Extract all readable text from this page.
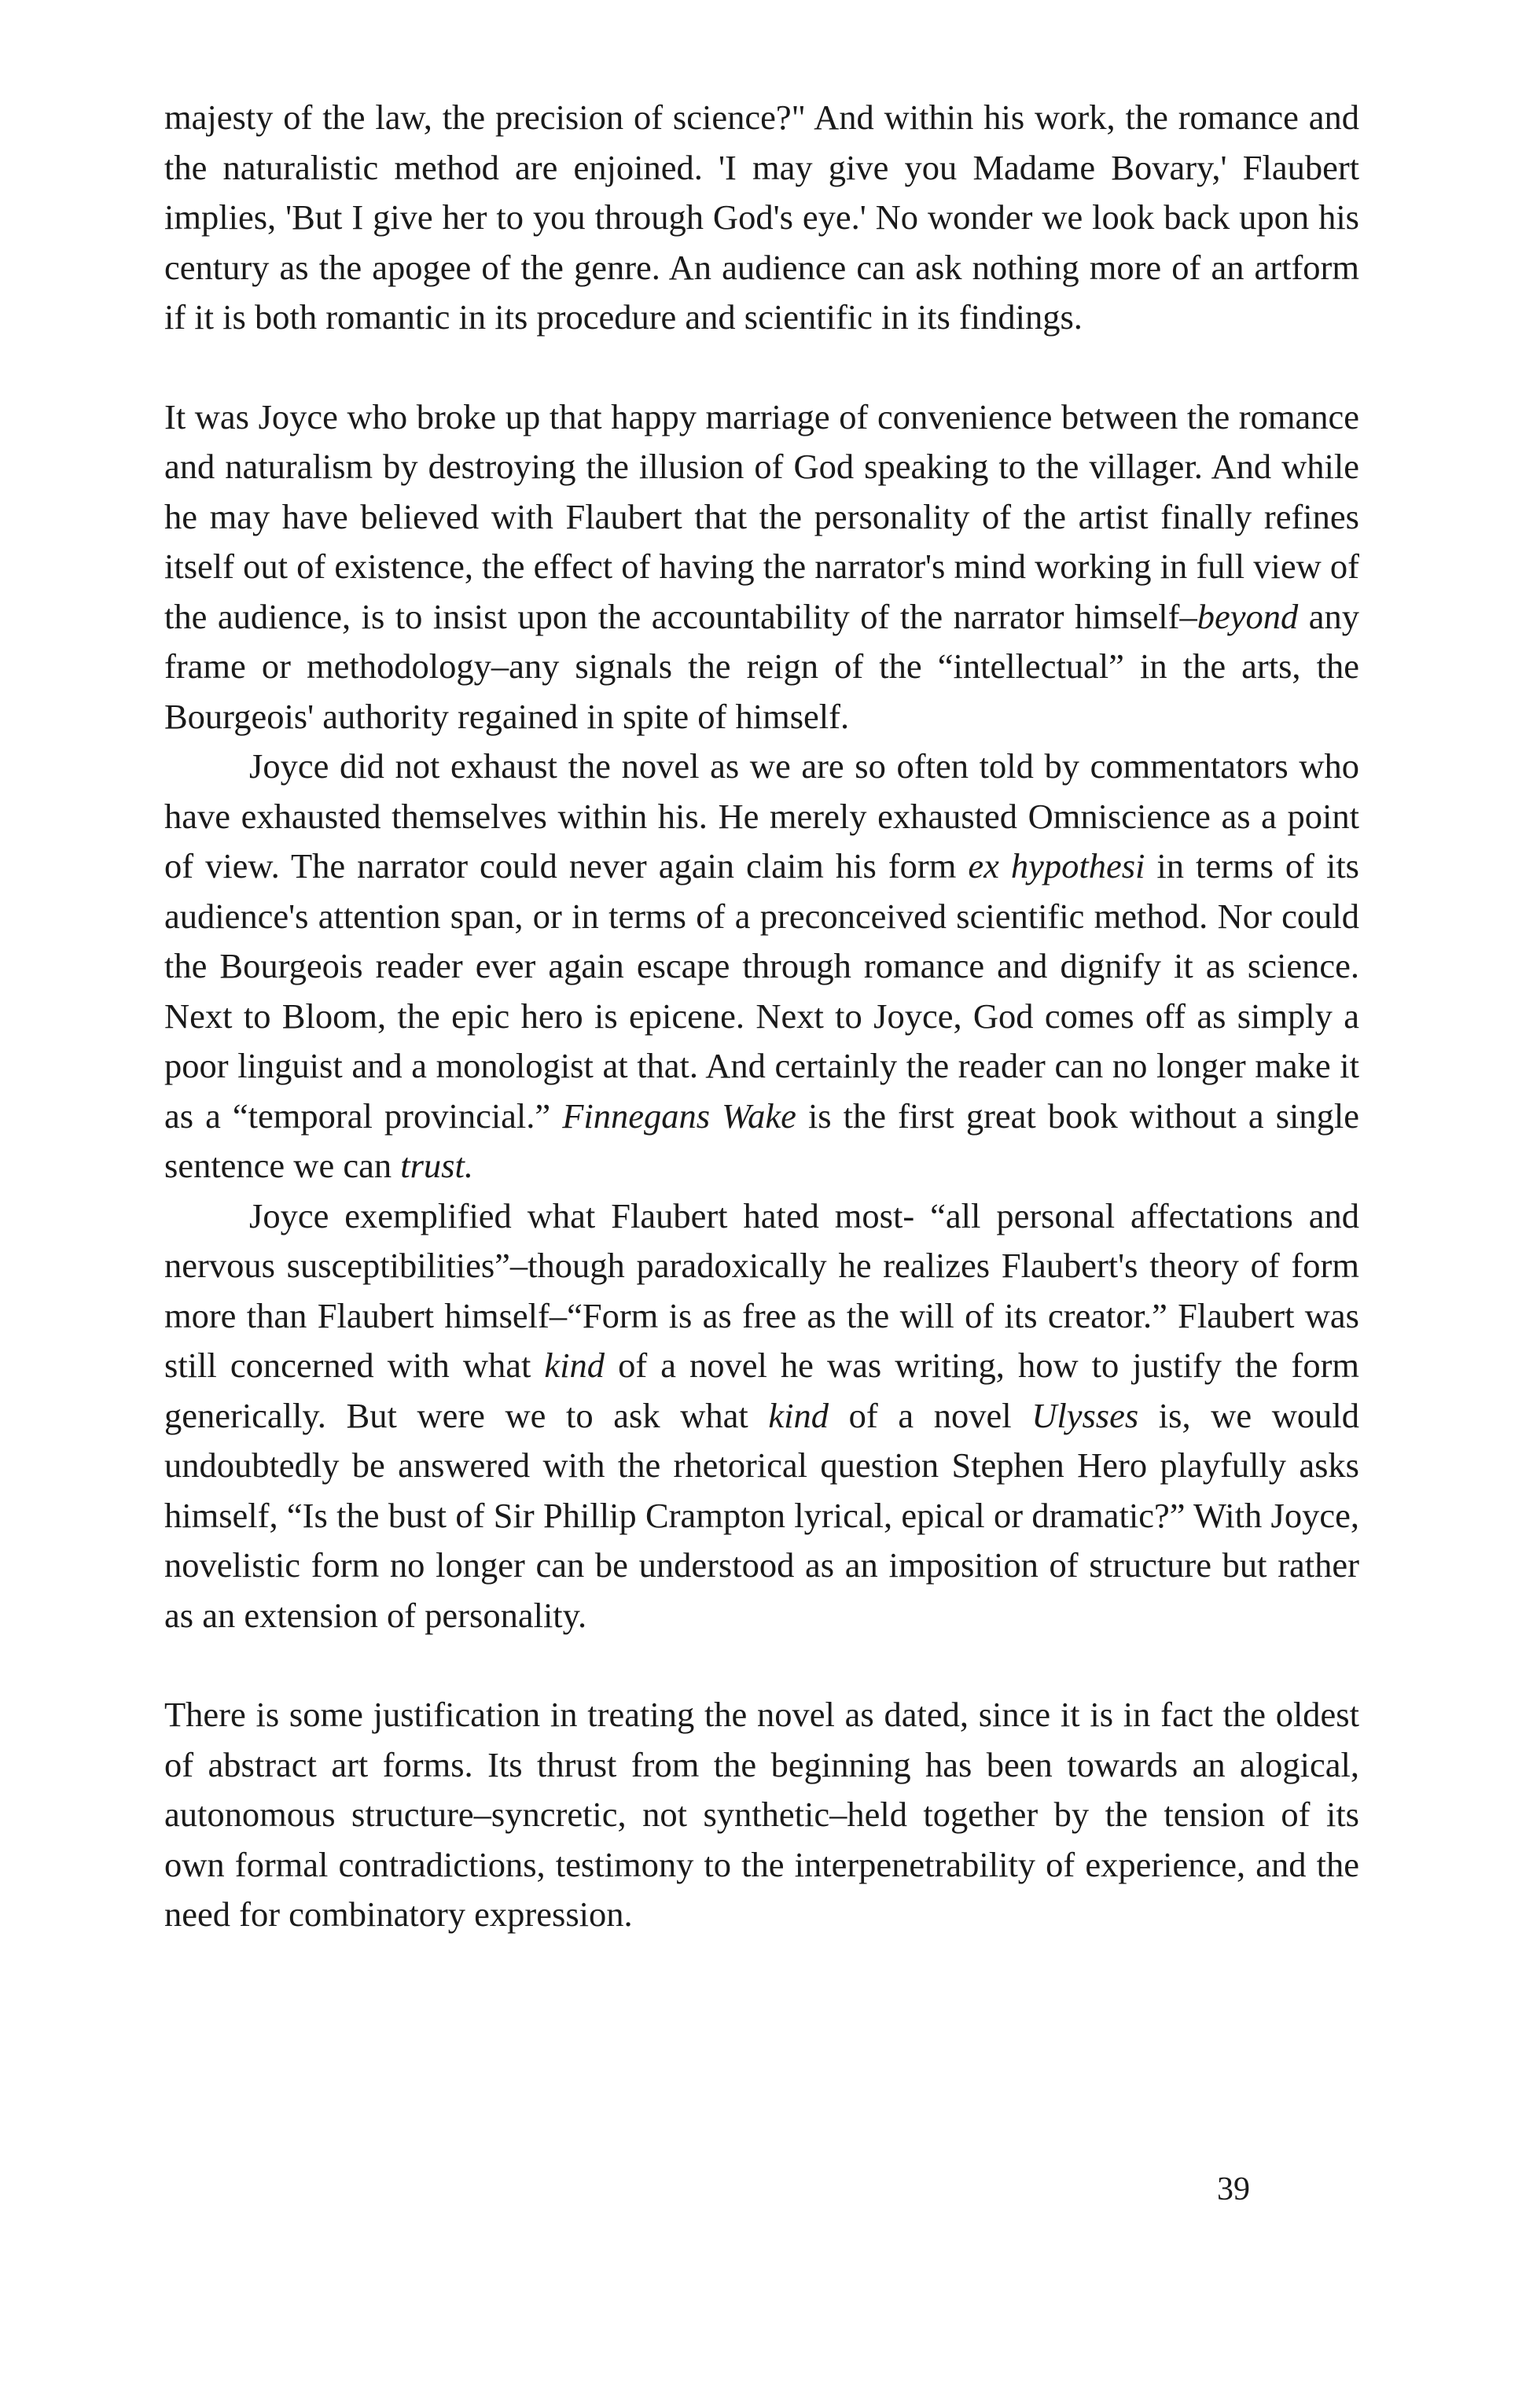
majesty of the law, the precision of science?" And within his work, the romance and the naturalistic method are enjoined. 'I may give you Madame Bovary,' Flaubert implies, 'But I give her to you through God's eye.' No wonder we look back upon his century as the apogee of the genre. An audience can ask nothing more of an artform if it is both romantic in its procedure and scientific in its findings.

It was Joyce who broke up that happy marriage of convenience between the romance and naturalism by destroying the illusion of God speaking to the villager. And while he may have believed with Flaubert that the personality of the artist finally refines itself out of existence, the effect of having the narrator's mind working in full view of the audience, is to insist upon the accountability of the narrator himself–beyond any frame or methodology–any signals the reign of the “intellectual” in the arts, the Bourgeois' authority regained in spite of himself.

Joyce did not exhaust the novel as we are so often told by commentators who have exhausted themselves within his. He merely exhausted Omniscience as a point of view. The narrator could never again claim his form ex hypothesi in terms of its audience's attention span, or in terms of a preconceived scientific method. Nor could the Bourgeois reader ever again escape through romance and dignify it as science. Next to Bloom, the epic hero is epicene. Next to Joyce, God comes off as simply a poor linguist and a monologist at that. And certainly the reader can no longer make it as a “temporal provincial.” Finnegans Wake is the first great book without a single sentence we can trust.

Joyce exemplified what Flaubert hated most- “all personal affectations and nervous susceptibilities”–though paradoxically he realizes Flaubert's theory of form more than Flaubert himself–“Form is as free as the will of its creator.” Flaubert was still concerned with what kind of a novel he was writing, how to justify the form generically. But were we to ask what kind of a novel Ulysses is, we would undoubtedly be answered with the rhetorical question Stephen Hero playfully asks himself, “Is the bust of Sir Phillip Crampton lyrical, epical or dramatic?” With Joyce, novelistic form no longer can be understood as an imposition of structure but rather as an extension of personality.

There is some justification in treating the novel as dated, since it is in fact the oldest of abstract art forms. Its thrust from the beginning has been towards an alogical, autonomous structure–syncretic, not synthetic–held together by the tension of its own formal contradictions, testimony to the interpenetrability of experience, and the need for combinatory expression.

39
